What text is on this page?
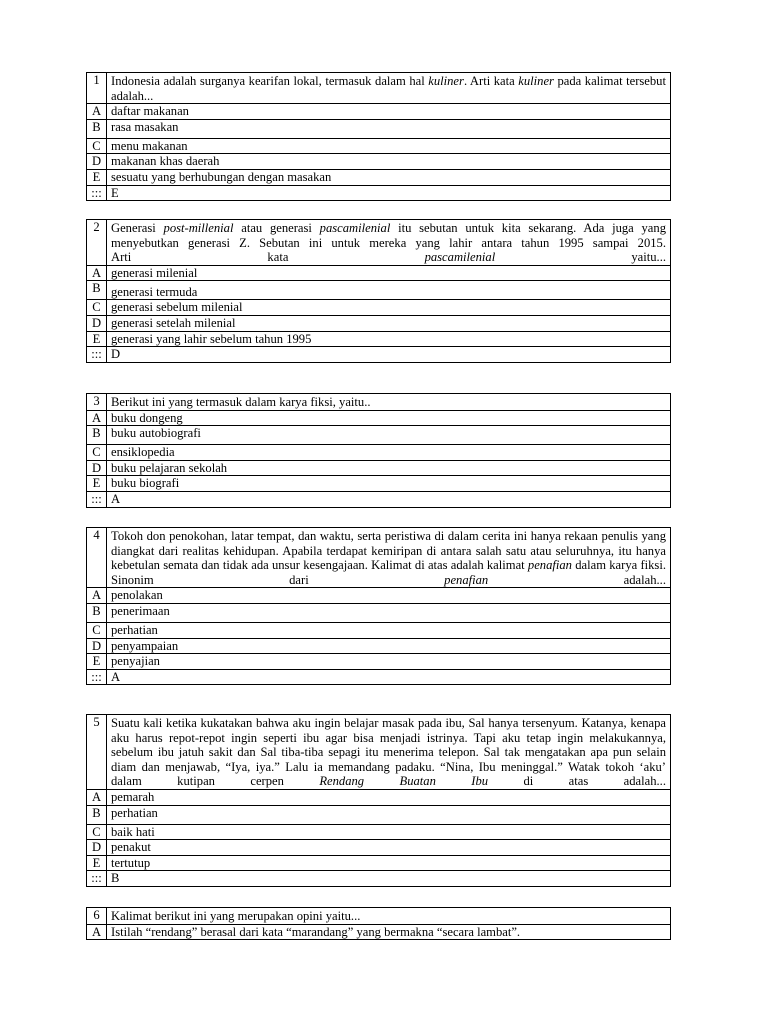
1	Indonesia adalah surganya kearifan lokal, termasuk dalam hal kuliner. Arti kata kuliner pada kalimat tersebut adalah...
A	daftar makanan
B	rasa masakan
C	menu makanan
D	makanan khas daerah
E	sesuatu yang berhubungan dengan masakan
:::	E
2	Generasi post-millenial atau generasi pascamilenial itu sebutan untuk kita sekarang. Ada juga yang menyebutkan generasi Z. Sebutan ini untuk mereka yang lahir antara tahun 1995 sampai 2015.
Arti kata pascamilenial yaitu...
A	generasi milenial
B	generasi termuda
C	generasi sebelum milenial
D	generasi setelah milenial
E	generasi yang lahir sebelum tahun 1995
:::	D
3	Berikut ini yang termasuk dalam karya fiksi, yaitu..
A	buku dongeng
B	buku autobiografi
C	ensiklopedia
D	buku pelajaran sekolah
E	buku biografi
:::	A
4	Tokoh don penokohan, latar tempat, dan waktu, serta peristiwa di dalam cerita ini hanya rekaan penulis yang diangkat dari realitas kehidupan. Apabila terdapat kemiripan di antara salah satu atau seluruhnya, itu hanya kebetulan semata dan tidak ada unsur kesengajaan. Kalimat di atas adalah kalimat penafian dalam karya fiksi. Sinonim dari penafian adalah...
A	penolakan
B	penerimaan
C	perhatian
D	penyampaian
E	penyajian
:::	A
5	Suatu kali ketika kukatakan bahwa aku ingin belajar masak pada ibu, Sal hanya tersenyum. Katanya, kenapa aku harus repot-repot ingin seperti ibu agar bisa menjadi istrinya. Tapi aku tetap ingin melakukannya, sebelum ibu jatuh sakit dan Sal tiba-tiba sepagi itu menerima telepon. Sal tak mengatakan apa pun selain diam dan menjawab, “Iya, iya.” Lalu ia memandang padaku. “Nina, Ibu meninggal.” Watak tokoh ‘aku’ dalam kutipan cerpen Rendang Buatan Ibu di atas adalah...
A	pemarah
B	perhatian
C	baik hati
D	penakut
E	tertutup
:::	B
6	Kalimat berikut ini yang merupakan opini yaitu...
A	Istilah “rendang” berasal dari kata “marandang” yang bermakna “secara lambat”.
